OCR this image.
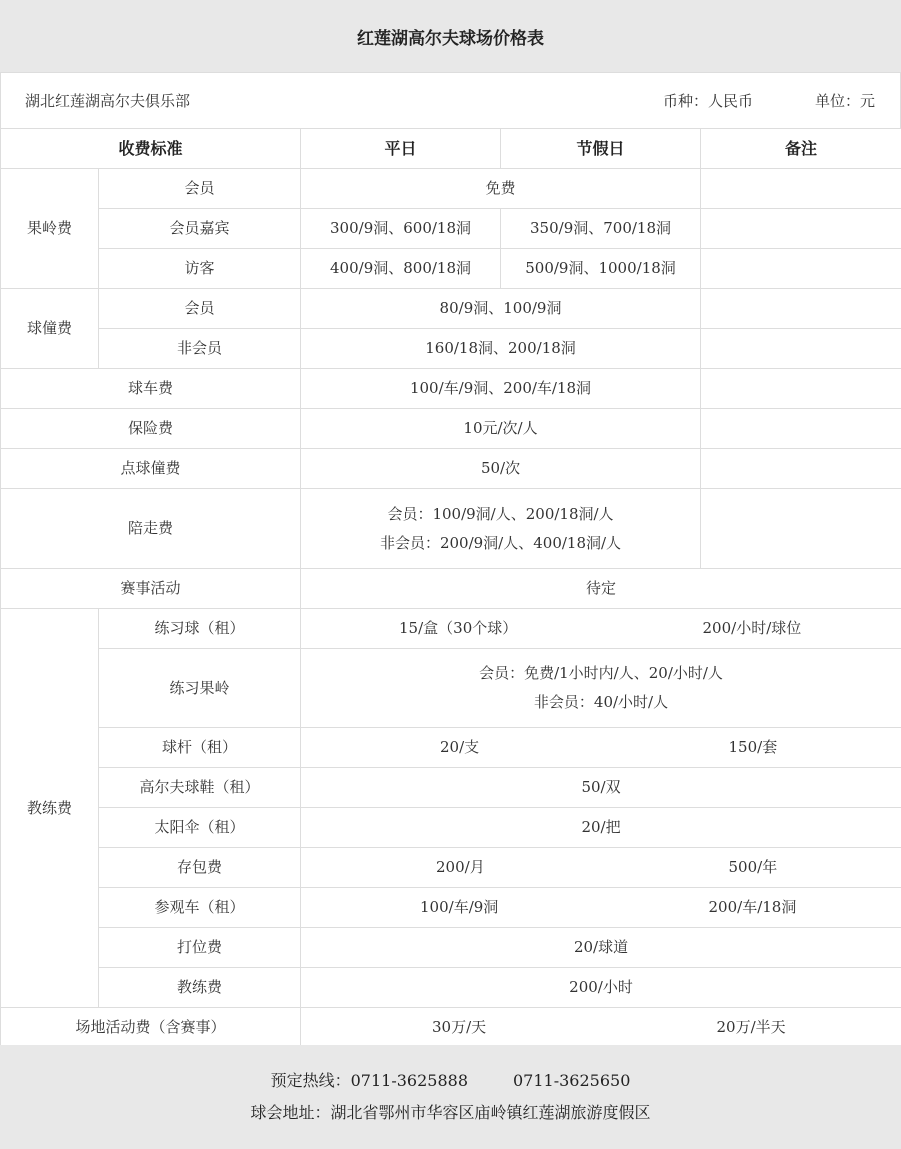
红莲湖高尔夫球场价格表
湖北红莲湖高尔夫俱乐部	币种：人民币	单位：元
收费标准		平日	节假日	备注
果岭费	会员	免费		
	会员嘉宾	300/9洞、600/18洞	350/9洞、700/18洞	
	访客	400/9洞、800/18洞	500/9洞、1000/18洞	
球僮费	会员	80/9洞、100/9洞		
	非会员	160/18洞、200/18洞		
球车费		100/车/9洞、200/车/18洞		
保险费		10元/次/人		
点球僮费		50/次		
陪走费		会员：100/9洞/人、200/18洞/人
非会员：200/9洞/人、400/18洞/人		

赛事活动		待定		
教练费	练习球（租）	15/盒（30个球）		200/小时/球位
	练习果岭	会员：免费/1小时内/人、20/小时/人
非会员：40/小时/人		

	球杆（租）	20/支		150/套
	高尔夫球鞋（租）	50/双		
	太阳伞（租）	20/把		
	存包费	200/月		500/年
	参观车（租）	100/车/9洞		200/车/18洞
	打位费	20/球道		
	教练费	200/小时		
场地活动费（含赛事）		30万/天		20万/半天
预定热线：0711-3625888	0711-3625650
球会地址：湖北省鄂州市华容区庙岭镇红莲湖旅游度假区
